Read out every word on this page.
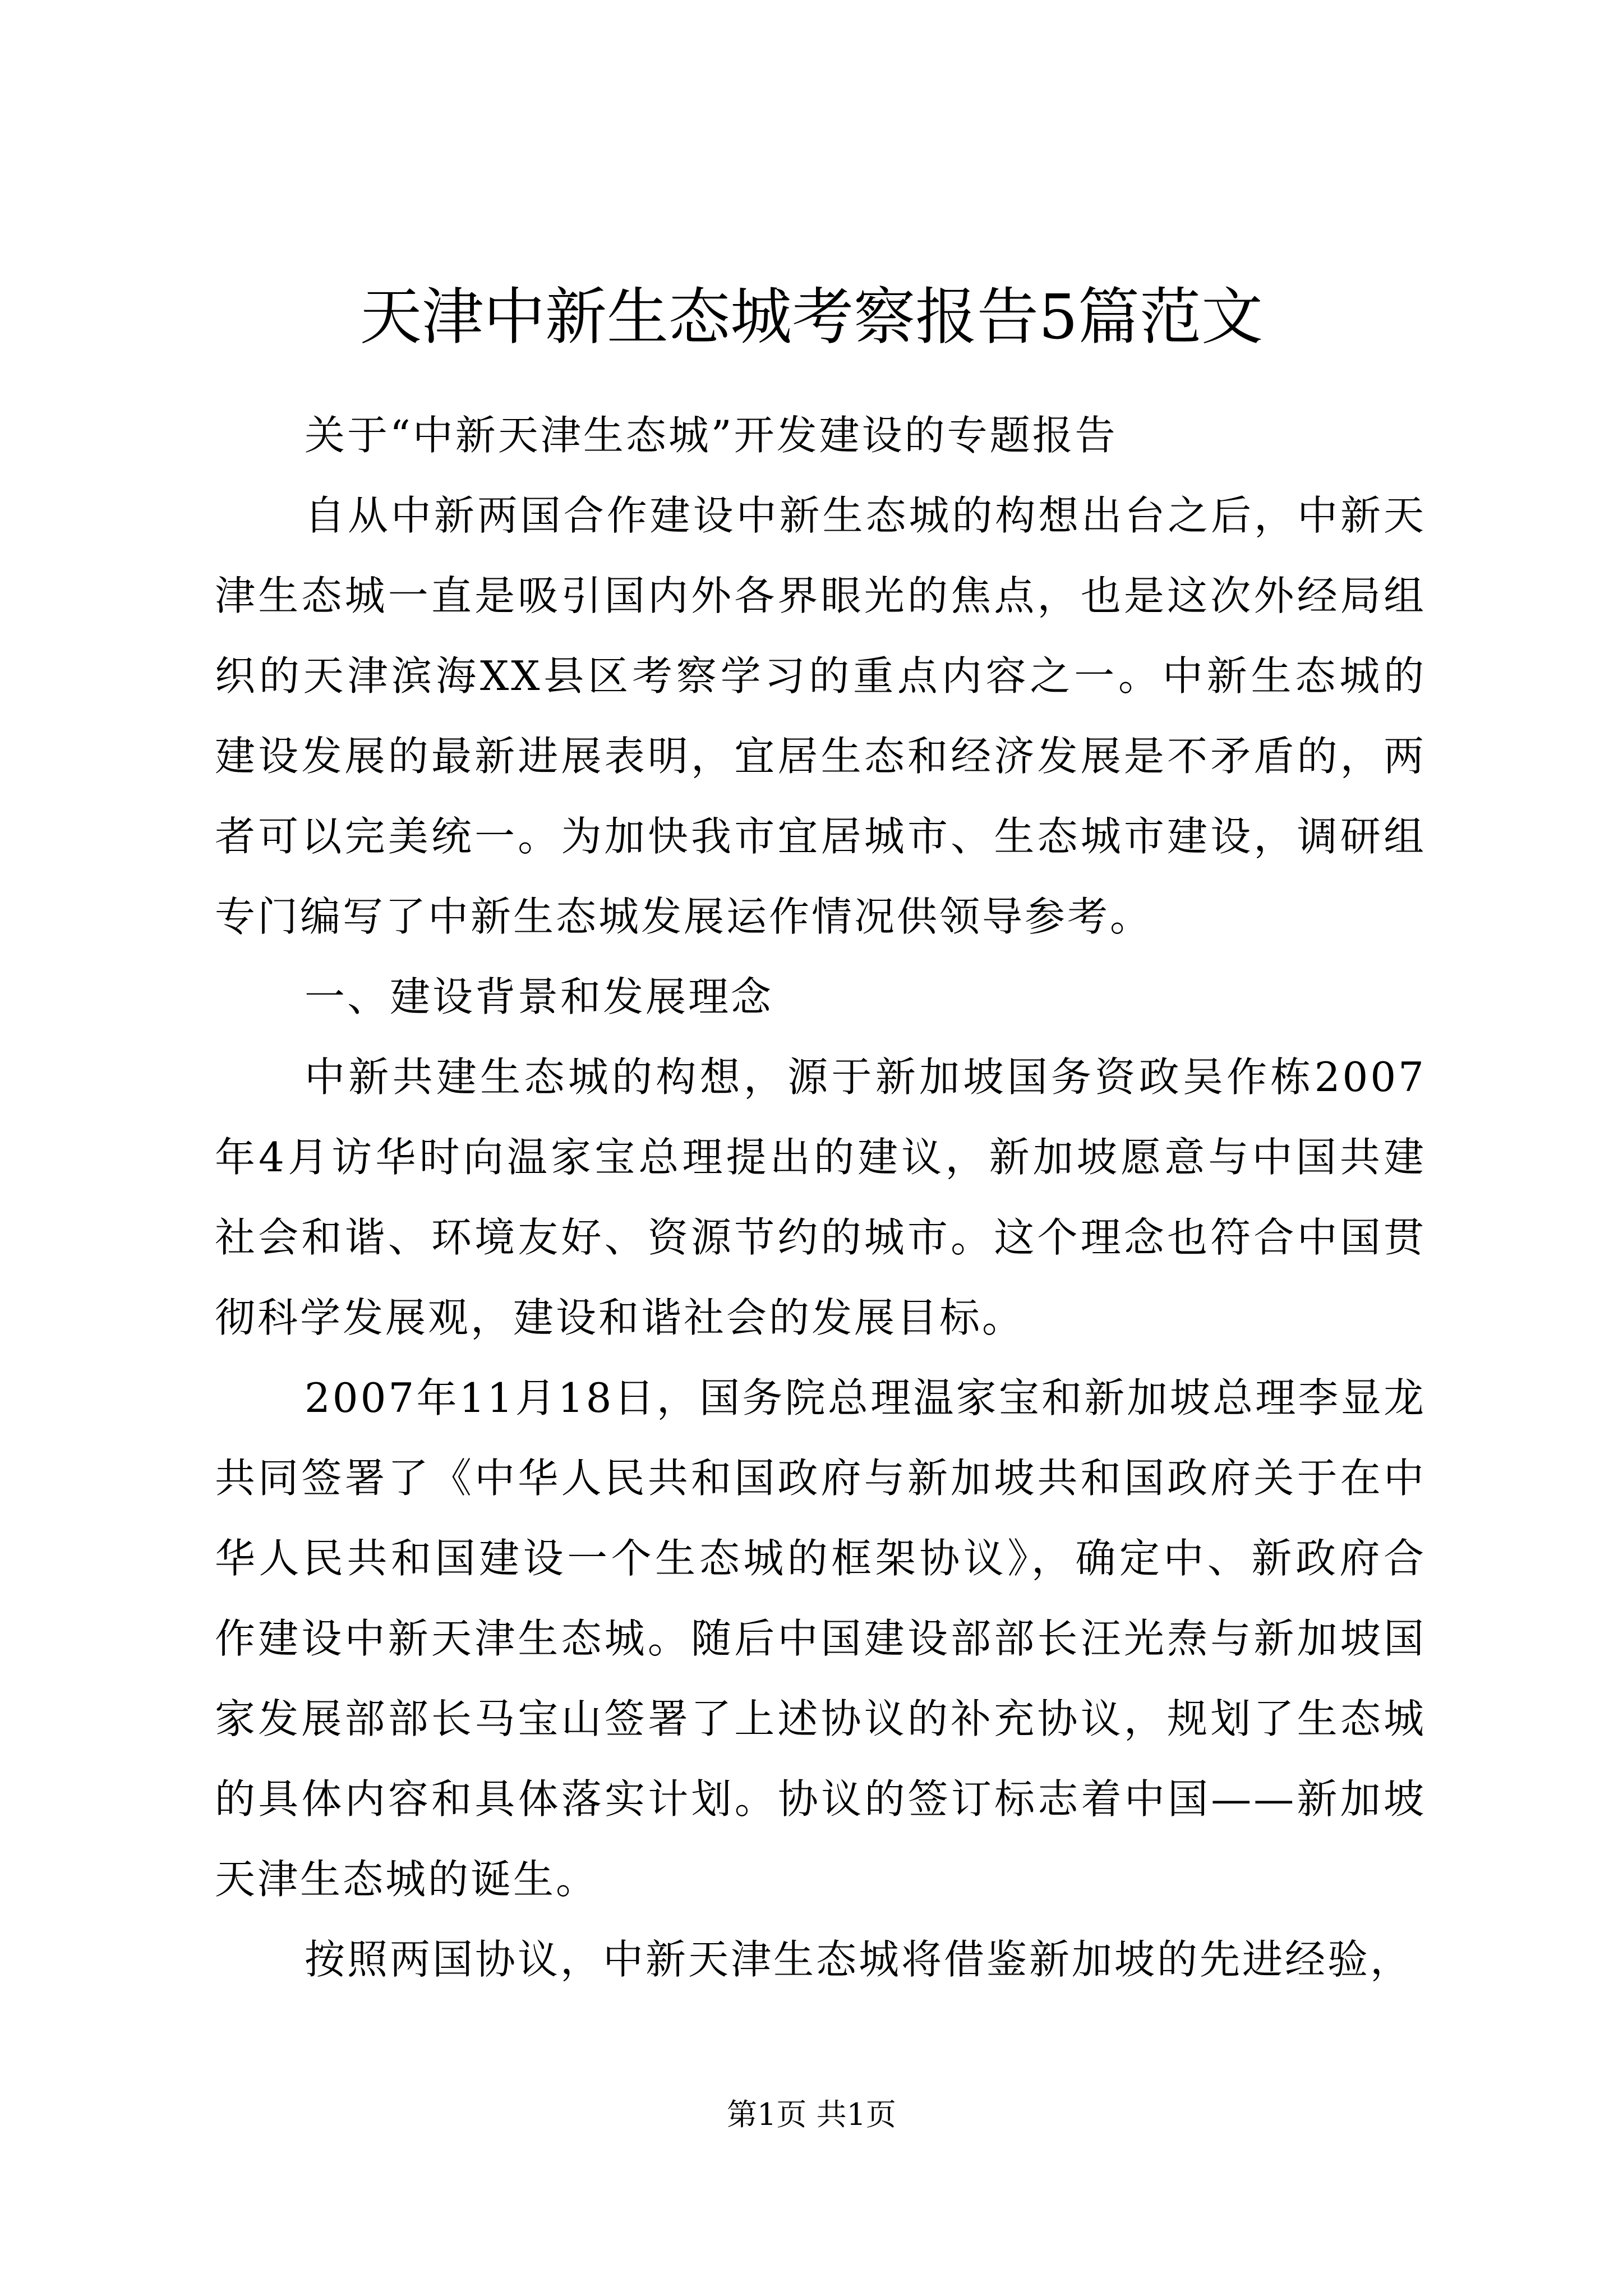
天津中新生态城考察报告5篇范文

关于“中新天津生态城”开发建设的专题报告

自从中新两国合作建设中新生态城的构想出台之后，中新天津生态城一直是吸引国内外各界眼光的焦点，也是这次外经局组织的天津滨海XX县区考察学习的重点内容之一。中新生态城的建设发展的最新进展表明，宜居生态和经济发展是不矛盾的，两者可以完美统一。为加快我市宜居城市、生态城市建设，调研组专门编写了中新生态城发展运作情况供领导参考。

一、建设背景和发展理念

中新共建生态城的构想，源于新加坡国务资政吴作栋2007年4月访华时向温家宝总理提出的建议，新加坡愿意与中国共建社会和谐、环境友好、资源节约的城市。这个理念也符合中国贯彻科学发展观，建设和谐社会的发展目标。

2007年11月18日，国务院总理温家宝和新加坡总理李显龙共同签署了《中华人民共和国政府与新加坡共和国政府关于在中华人民共和国建设一个生态城的框架协议》，确定中、新政府合作建设中新天津生态城。随后中国建设部部长汪光焘与新加坡国家发展部部长马宝山签署了上述协议的补充协议，规划了生态城的具体内容和具体落实计划。协议的签订标志着中国——新加坡天津生态城的诞生。

按照两国协议，中新天津生态城将借鉴新加坡的先进经验，

第1页 共1页
